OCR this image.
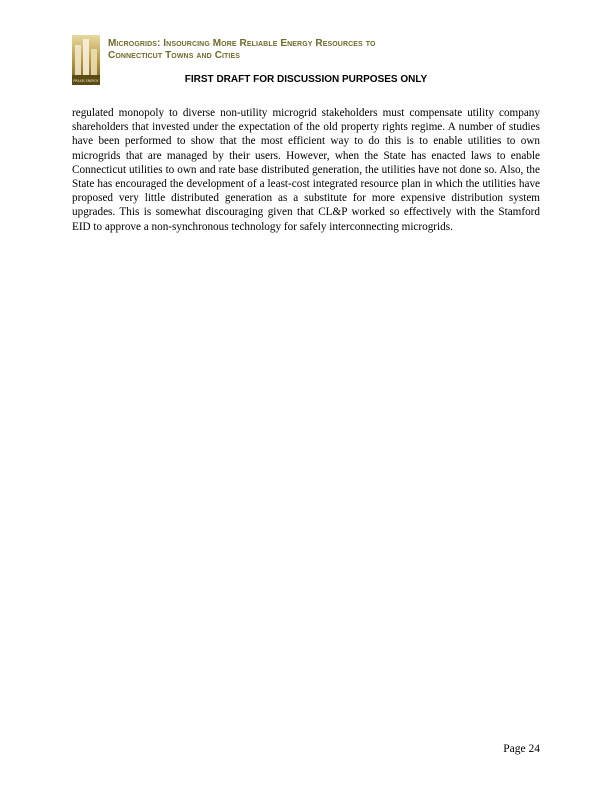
PRAXIS ENERGY
Microgrids: Insourcing More Reliable Energy Resources to
Connecticut Towns and Cities
FIRST DRAFT FOR DISCUSSION PURPOSES ONLY

regulated monopoly to diverse non-utility microgrid stakeholders must compensate utility company shareholders that invested under the expectation of the old property rights regime. A number of studies have been performed to show that the most efficient way to do this is to enable utilities to own microgrids that are managed by their users. However, when the State has enacted laws to enable Connecticut utilities to own and rate base distributed generation, the utilities have not done so. Also, the State has encouraged the development of a least-cost integrated resource plan in which the utilities have proposed very little distributed generation as a substitute for more expensive distribution system upgrades. This is somewhat discouraging given that CL&P worked so effectively with the Stamford EID to approve a non-synchronous technology for safely interconnecting microgrids.

Page 24
